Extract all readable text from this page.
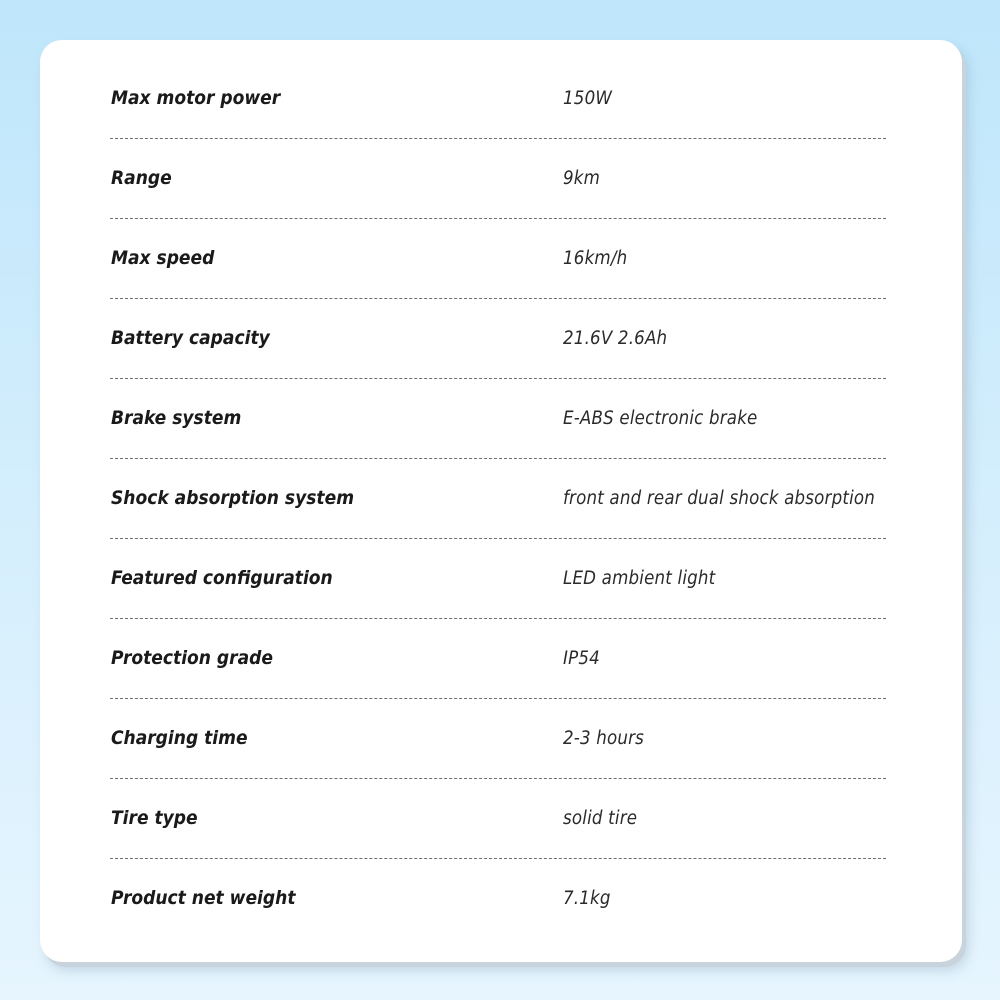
Max motor power	150W
Range	9km
Max speed	16km/h
Battery capacity	21.6V 2.6Ah
Brake system	E-ABS electronic brake
Shock absorption system	front and rear dual shock absorption
Featured configuration	LED ambient light
Protection grade	IP54
Charging time	2-3 hours
Tire type	solid tire
Product net weight	7.1kg
